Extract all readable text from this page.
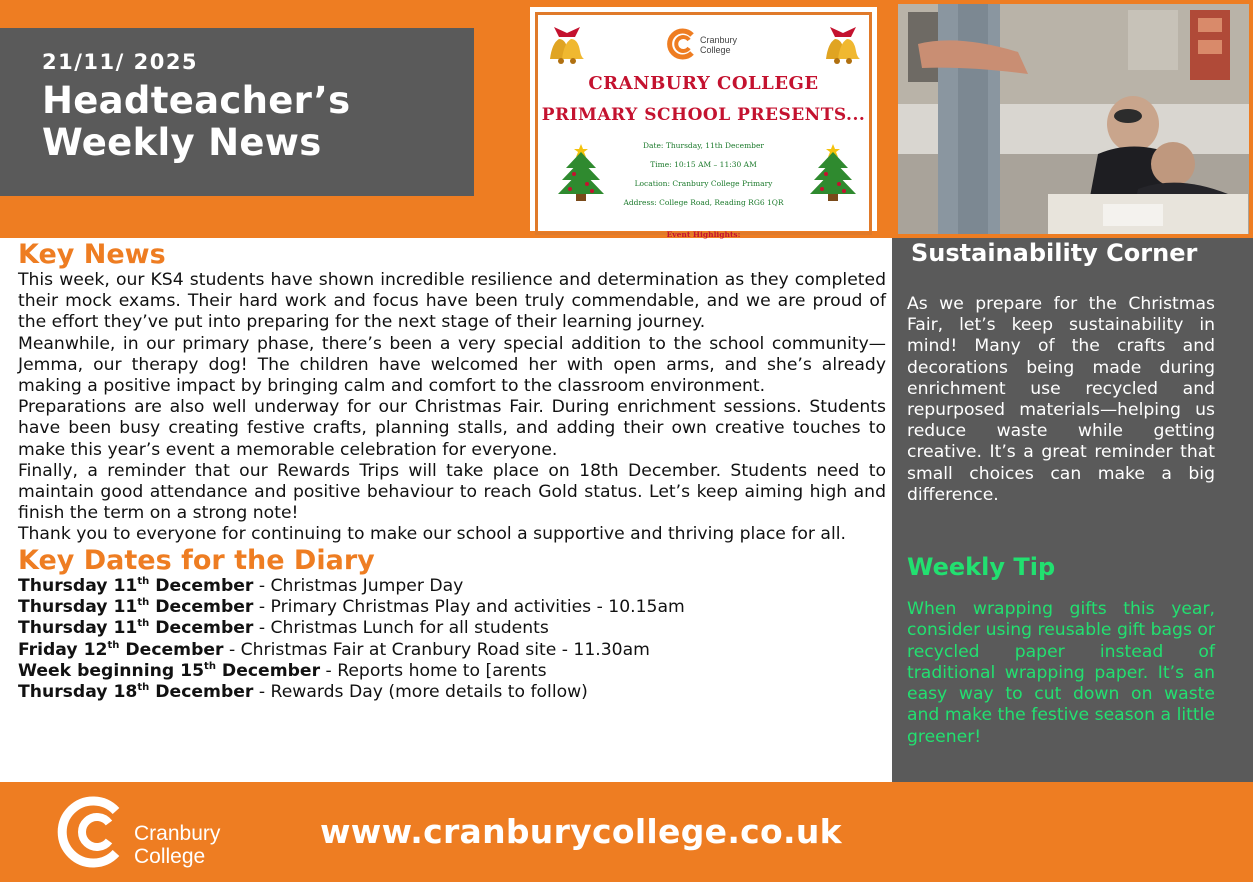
21/11/ 2025
Headteacher’s
Weekly News
Cranbury
College
CRANBURY COLLEGE
PRIMARY SCHOOL PRESENTS...
Date: Thursday, 11th December
Time: 10:15 AM – 11:30 AM
Location: Cranbury College Primary
Address: College Road, Reading RG6 1QR
Event Highlights:
Key News

This week, our KS4 students have shown incredible resilience and determination as they completed their mock exams. Their hard work and focus have been truly commendable, and we are proud of the effort they’ve put into preparing for the next stage of their learning journey.

Meanwhile, in our primary phase, there’s been a very special addition to the school community—Jemma, our therapy dog! The children have welcomed her with open arms, and she’s already making a positive impact by bringing calm and comfort to the classroom environment.

Preparations are also well underway for our Christmas Fair. During enrichment sessions. Students have been busy creating festive crafts, planning stalls, and adding their own creative touches to make this year’s event a memorable celebration for everyone.

Finally, a reminder that our Rewards Trips will take place on 18th December. Students need to maintain good attendance and positive behaviour to reach Gold status. Let’s keep aiming high and finish the term on a strong note!

Thank you to everyone for continuing to make our school a supportive and thriving place for all.

Key Dates for the Diary
Thursday 11th December - Christmas Jumper Day
Thursday 11th December - Primary Christmas Play and activities - 10.15am
Thursday 11th December - Christmas Lunch for all students
Friday 12th December - Christmas Fair at Cranbury Road site - 11.30am
Week beginning 15th December - Reports home to [arents
Thursday 18th December - Rewards Day (more details to follow)
Sustainability Corner

As we prepare for the Christmas Fair, let’s keep sustainability in mind! Many of the crafts and decorations being made during enrichment use recycled and repurposed materials—helping us reduce waste while getting creative. It’s a great reminder that small choices can make a big difference.

Weekly Tip

When wrapping gifts this year, consider using reusable gift bags or recycled paper instead of traditional wrapping paper. It’s an easy way to cut down on waste and make the festive season a little greener!

Cranbury
College
www.cranburycollege.co.uk
